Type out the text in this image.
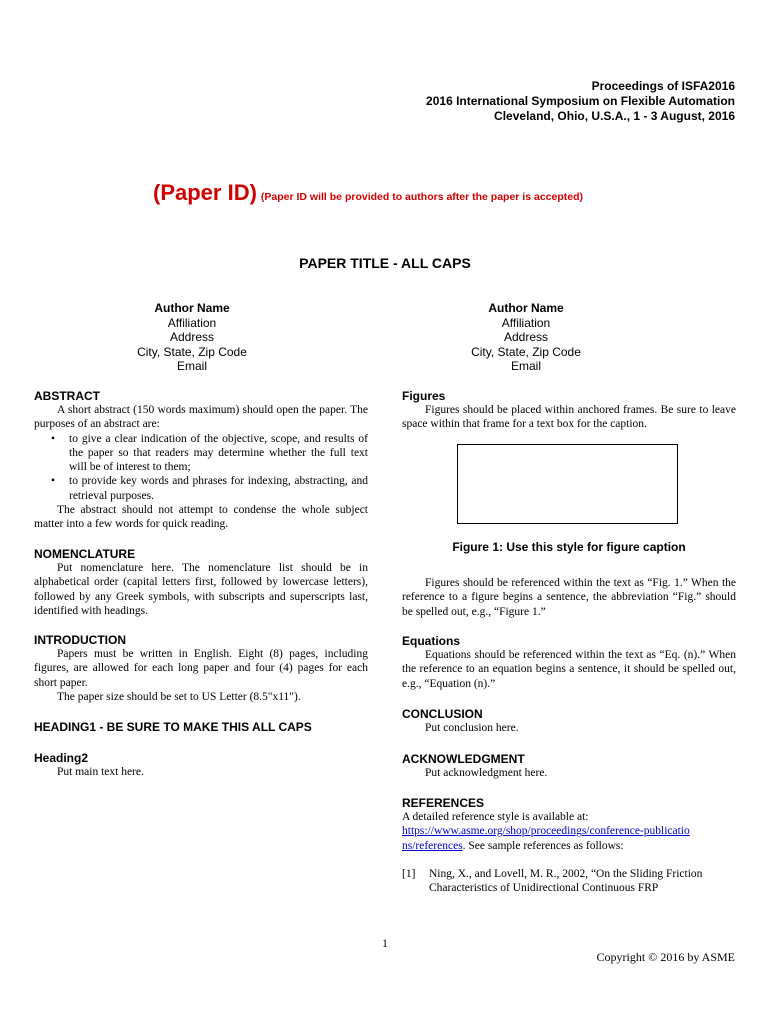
Proceedings of ISFA2016
2016 International Symposium on Flexible Automation
Cleveland, Ohio, U.S.A., 1 - 3 August, 2016
(Paper ID) (Paper ID will be provided to authors after the paper is accepted)
PAPER TITLE - ALL CAPS
Author Name
Affiliation
Address
City, State, Zip Code
Email
Author Name
Affiliation
Address
City, State, Zip Code
Email
ABSTRACT

A short abstract (150 words maximum) should open the paper. The purposes of an abstract are:

• to give a clear indication of the objective, scope, and results of the paper so that readers may determine whether the full text will be of interest to them;
• to provide key words and phrases for indexing, abstracting, and retrieval purposes.

The abstract should not attempt to condense the whole subject matter into a few words for quick reading.

NOMENCLATURE

Put nomenclature here. The nomenclature list should be in alphabetical order (capital letters first, followed by lowercase letters), followed by any Greek symbols, with subscripts and superscripts last, identified with headings.

INTRODUCTION

Papers must be written in English. Eight (8) pages, including figures, are allowed for each long paper and four (4) pages for each short paper.

The paper size should be set to US Letter (8.5"x11").

HEADING1 - BE SURE TO MAKE THIS ALL CAPS
Heading2

Put main text here.

Figures

Figures should be placed within anchored frames. Be sure to leave space within that frame for a text box for the caption.

Figures should be referenced within the text as “Fig. 1.” When the reference to a figure begins a sentence, the abbreviation “Fig.” should be spelled out, e.g., “Figure 1.”

Equations

Equations should be referenced within the text as “Eq. (n).” When the reference to an equation begins a sentence, it should be spelled out, e.g., “Equation (n).”

CONCLUSION

Put conclusion here.

ACKNOWLEDGMENT

Put acknowledgment here.

REFERENCES

A detailed reference style is available at:

https://www.asme.org/shop/proceedings/conference-publications/references. See sample references as follows:

[1]	Ning, X., and Lovell, M. R., 2002, “On the Sliding Friction Characteristics of Unidirectional Continuous FRP
Figure 1: Use this style for figure caption
1
Copyright © 2016 by ASME
